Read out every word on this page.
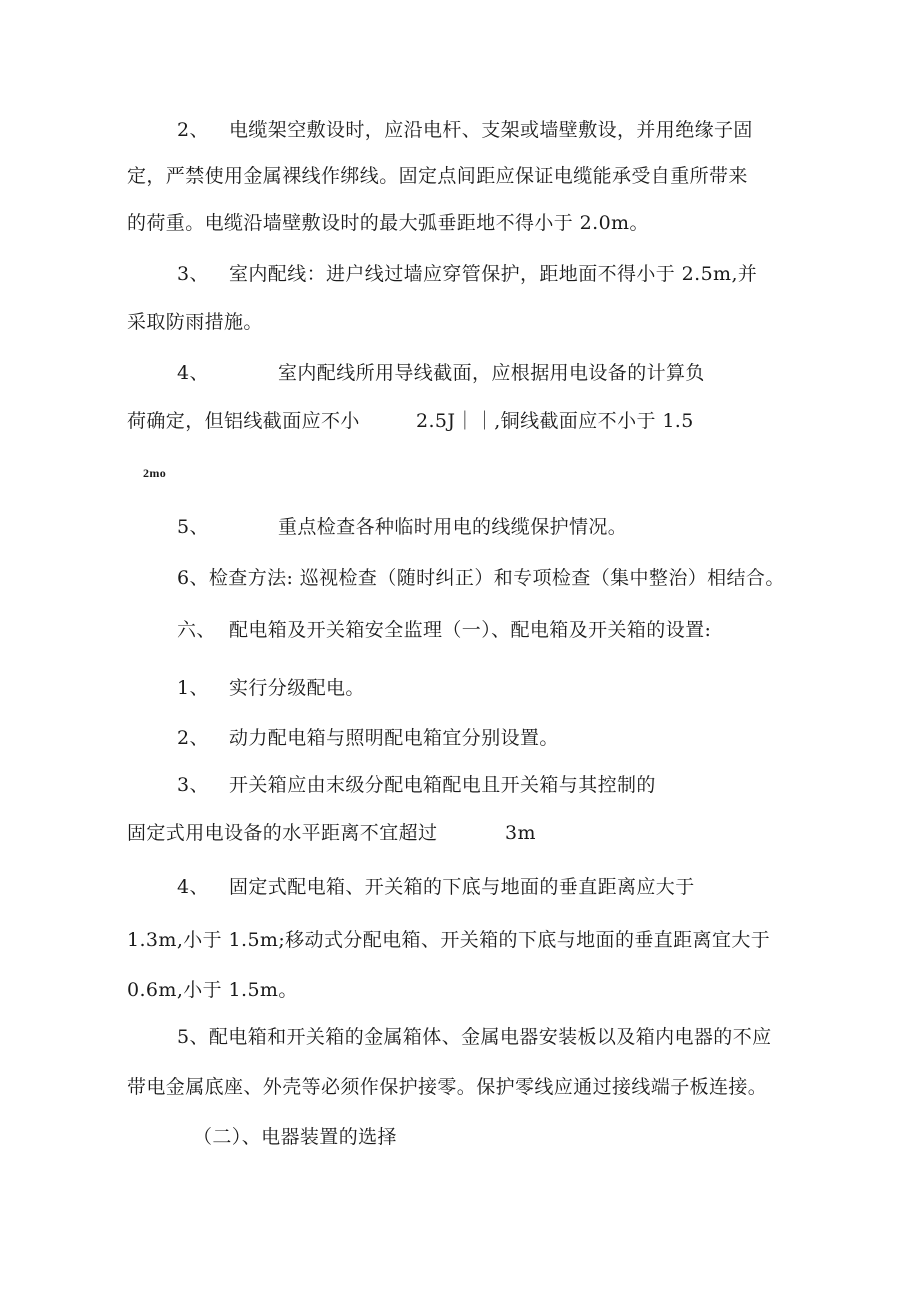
2、 电缆架空敷设时，应沿电杆、支架或墙壁敷设，并用绝缘子固
定，严禁使用金属裸线作绑线。固定点间距应保证电缆能承受自重所带来
的荷重。电缆沿墙壁敷设时的最大弧垂距地不得小于 2.0m。
3、 室内配线：进户线过墙应穿管保护，距地面不得小于 2.5m,并
采取防雨措施。
4、	室内配线所用导线截面，应根据用电设备的计算负
荷确定，但铝线截面应不小	2.5J｜｜,铜线截面应不小于 1.5
2mo
5、	重点检查各种临时用电的线缆保护情况。
6、检查方法: 巡视检查（随时纠正）和专项检查（集中整治）相结合。
六、 配电箱及开关箱安全监理（一）、配电箱及开关箱的设置:
1、 实行分级配电。
2、 动力配电箱与照明配电箱宜分别设置。
3、 开关箱应由末级分配电箱配电且开关箱与其控制的
固定式用电设备的水平距离不宜超过	3m
4、 固定式配电箱、开关箱的下底与地面的垂直距离应大于
1.3m,小于 1.5m;移动式分配电箱、开关箱的下底与地面的垂直距离宜大于
0.6m,小于 1.5m。
5、配电箱和开关箱的金属箱体、金属电器安装板以及箱内电器的不应
带电金属底座、外壳等必须作保护接零。保护零线应通过接线端子板连接。
（二）、电器装置的选择
